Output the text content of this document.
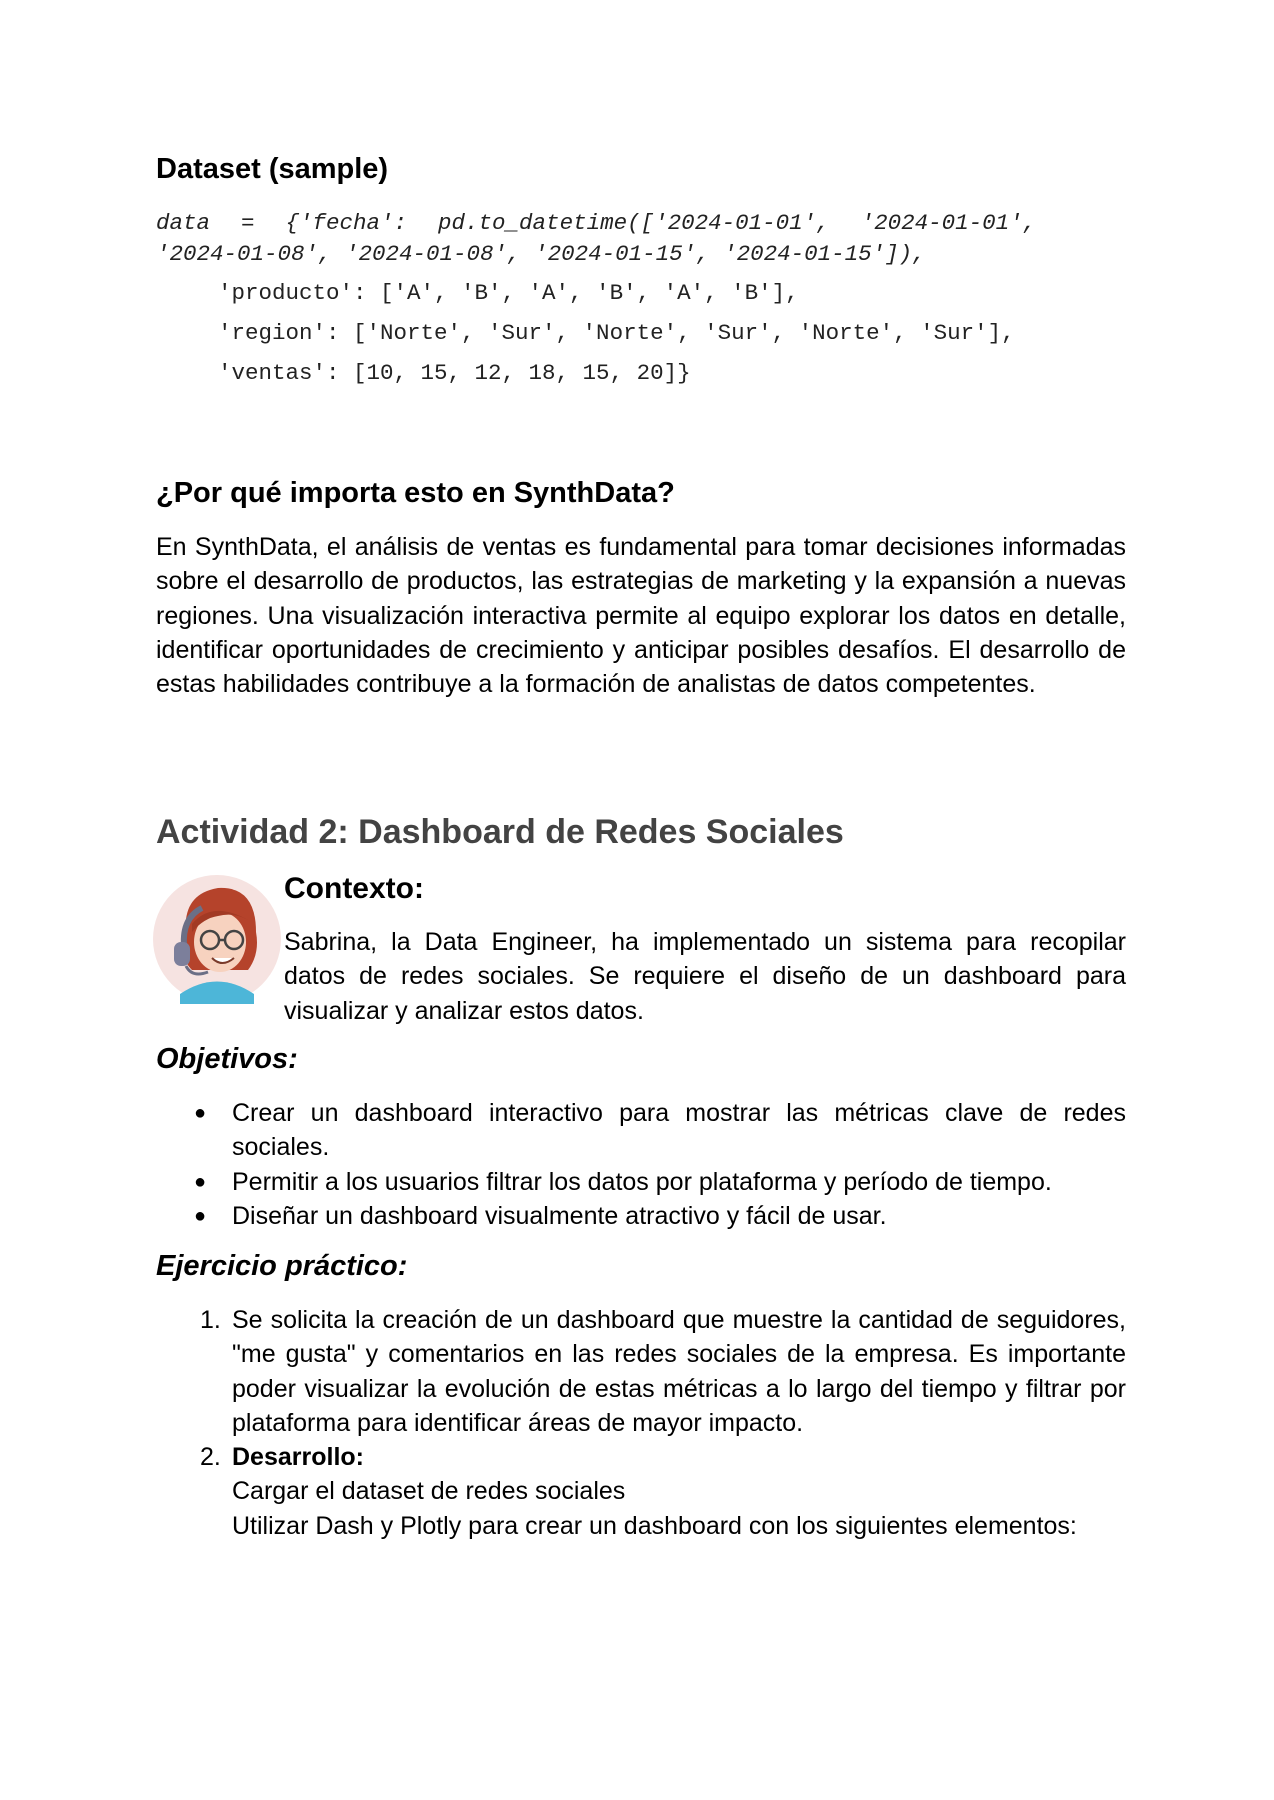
Dataset (sample)
data  =  {'fecha':  pd.to_datetime(['2024-01-01',  '2024-01-01',
'2024-01-08', '2024-01-08', '2024-01-15', '2024-01-15']),
'producto': ['A', 'B', 'A', 'B', 'A', 'B'],
'region': ['Norte', 'Sur', 'Norte', 'Sur', 'Norte', 'Sur'],
'ventas': [10, 15, 12, 18, 15, 20]}
¿Por qué importa esto en SynthData?

En SynthData, el análisis de ventas es fundamental para tomar decisiones informadas sobre el desarrollo de productos, las estrategias de marketing y la expansión a nuevas regiones. Una visualización interactiva permite al equipo explorar los datos en detalle, identificar oportunidades de crecimiento y anticipar posibles desafíos. El desarrollo de estas habilidades contribuye a la formación de analistas de datos competentes.

Actividad 2: Dashboard de Redes Sociales
Contexto:

Sabrina, la Data Engineer, ha implementado un sistema para recopilar datos de redes sociales. Se requiere el diseño de un dashboard para visualizar y analizar estos datos.

Objetivos:
● Crear un dashboard interactivo para mostrar las métricas clave de redes sociales.
● Permitir a los usuarios filtrar los datos por plataforma y período de tiempo.
● Diseñar un dashboard visualmente atractivo y fácil de usar.
Ejercicio práctico:
1. Se solicita la creación de un dashboard que muestre la cantidad de seguidores, "me gusta" y comentarios en las redes sociales de la empresa. Es importante poder visualizar la evolución de estas métricas a lo largo del tiempo y filtrar por plataforma para identificar áreas de mayor impacto.
2. Desarrollo:
Cargar el dataset de redes sociales
Utilizar Dash y Plotly para crear un dashboard con los siguientes elementos:
